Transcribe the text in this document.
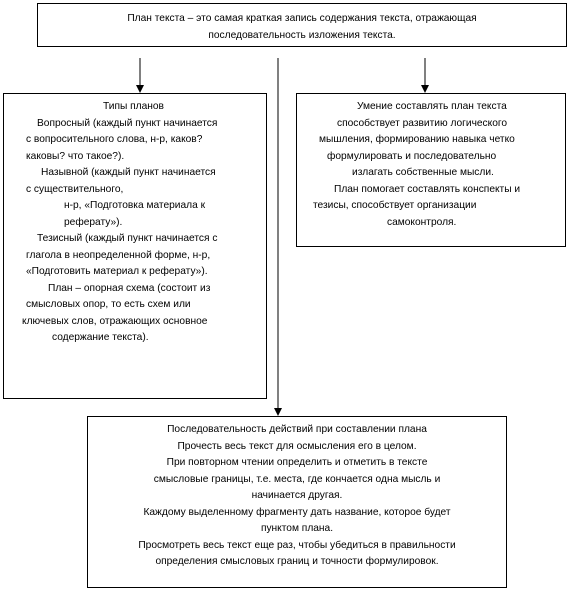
План текста – это самая краткая запись содержания текста, отражающая
последовательность изложения текста.
Типы планов
Вопросный (каждый пункт начинается
с вопросительного слова, н-р, каков?
каковы? что такое?).
Назывной (каждый пункт начинается
с существительного,
н-р, «Подготовка материала к
реферату»).
Тезисный (каждый пункт начинается с
глагола в неопределенной форме, н-р,
«Подготовить материал к реферату»).
План – опорная схема (состоит из
смысловых опор, то есть схем или
ключевых слов, отражающих основное
содержание текста).
Умение составлять план текста
способствует развитию логического
мышления, формированию навыка четко
формулировать и последовательно
излагать собственные мысли.
План помогает составлять конспекты и
тезисы, способствует организации
самоконтроля.
Последовательность действий при составлении плана
Прочесть весь текст для осмысления его в целом.
При повторном чтении определить и отметить в тексте
смысловые границы, т.е. места, где кончается одна мысль и
начинается другая.
Каждому выделенному фрагменту дать название, которое будет
пунктом плана.
Просмотреть весь текст еще раз, чтобы убедиться в правильности
определения смысловых границ и точности формулировок.
